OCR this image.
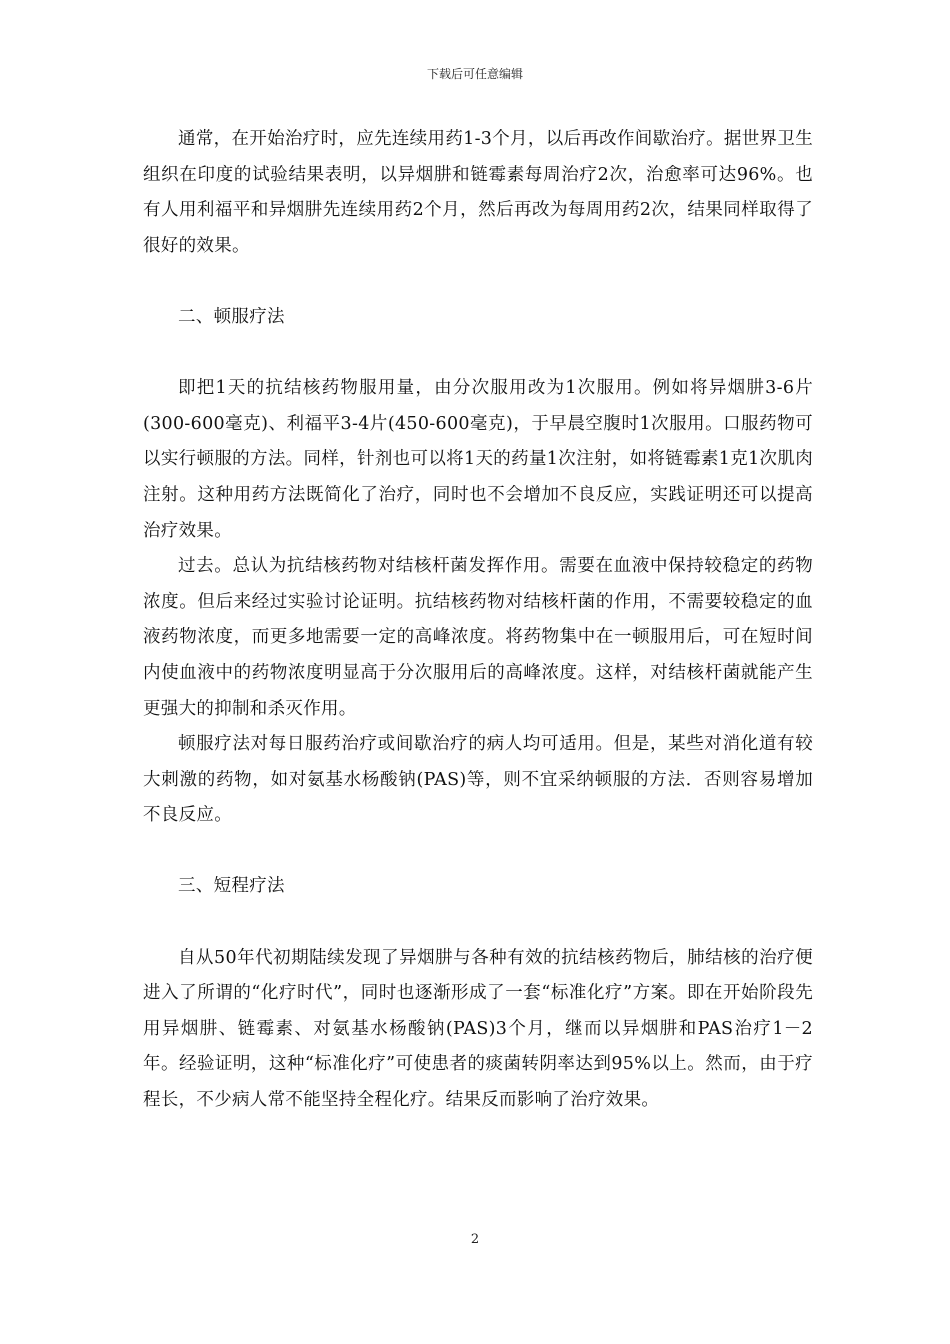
下载后可任意编辑

通常，在开始治疗时，应先连续用药1-3个月，以后再改作间歇治疗。据世界卫生组织在印度的试验结果表明，以异烟肼和链霉素每周治疗2次，治愈率可达96%。也有人用利福平和异烟肼先连续用药2个月，然后再改为每周用药2次，结果同样取得了很好的效果。

二、顿服疗法

即把1天的抗结核药物服用量，由分次服用改为1次服用。例如将异烟肼3-6片(300-600毫克)、利福平3-4片(450-600毫克)，于早晨空腹时1次服用。口服药物可以实行顿服的方法。同样，针剂也可以将1天的药量1次注射，如将链霉素1克1次肌肉注射。这种用药方法既简化了治疗，同时也不会增加不良反应，实践证明还可以提高治疗效果。

过去。总认为抗结核药物对结核杆菌发挥作用。需要在血液中保持较稳定的药物浓度。但后来经过实验讨论证明。抗结核药物对结核杆菌的作用，不需要较稳定的血液药物浓度，而更多地需要一定的高峰浓度。将药物集中在一顿服用后，可在短时间内使血液中的药物浓度明显高于分次服用后的高峰浓度。这样，对结核杆菌就能产生更强大的抑制和杀灭作用。

顿服疗法对每日服药治疗或间歇治疗的病人均可适用。但是，某些对消化道有较大刺激的药物，如对氨基水杨酸钠(PAS)等，则不宜采纳顿服的方法．否则容易增加不良反应。

三、短程疗法

自从50年代初期陆续发现了异烟肼与各种有效的抗结核药物后，肺结核的治疗便进入了所谓的“化疗时代”，同时也逐渐形成了一套“标准化疗”方案。即在开始阶段先用异烟肼、链霉素、对氨基水杨酸钠(PAS)3个月，继而以异烟肼和PAS治疗1－2年。经验证明，这种“标准化疗”可使患者的痰菌转阴率达到95%以上。然而，由于疗程长，不少病人常不能坚持全程化疗。结果反而影响了治疗效果。

2
